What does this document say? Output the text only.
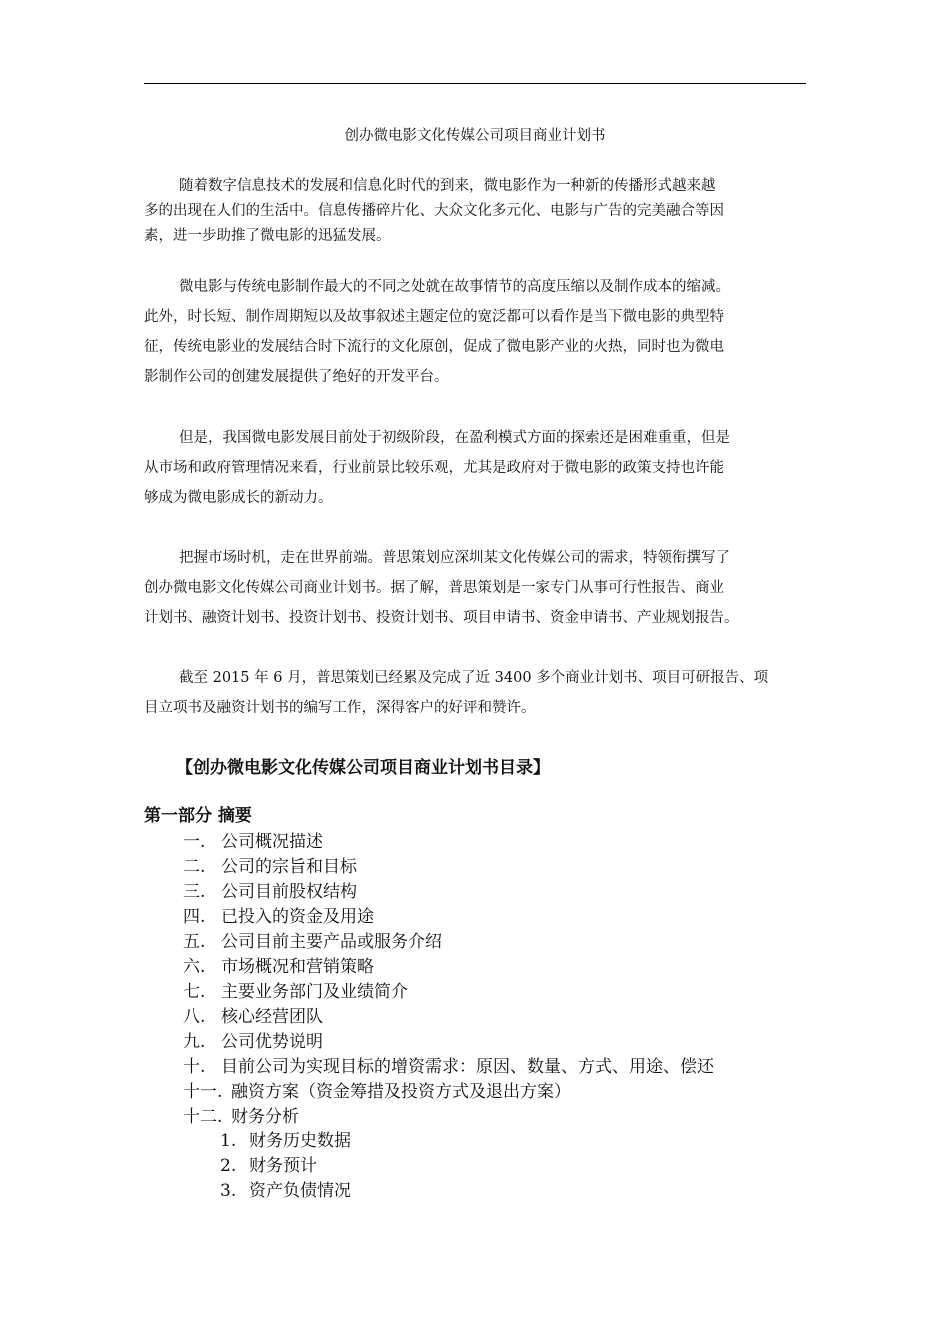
创办微电影文化传媒公司项目商业计划书
随着数字信息技术的发展和信息化时代的到来，微电影作为一种新的传播形式越来越
多的出现在人们的生活中。信息传播碎片化、大众文化多元化、电影与广告的完美融合等因
素，进一步助推了微电影的迅猛发展。
微电影与传统电影制作最大的不同之处就在故事情节的高度压缩以及制作成本的缩减。
此外，时长短、制作周期短以及故事叙述主题定位的宽泛都可以看作是当下微电影的典型特
征，传统电影业的发展结合时下流行的文化原创，促成了微电影产业的火热，同时也为微电
影制作公司的创建发展提供了绝好的开发平台。
但是，我国微电影发展目前处于初级阶段，在盈利模式方面的探索还是困难重重，但是
从市场和政府管理情况来看，行业前景比较乐观，尤其是政府对于微电影的政策支持也许能
够成为微电影成长的新动力。
把握市场时机，走在世界前端。普思策划应深圳某文化传媒公司的需求，特领衔撰写了
创办微电影文化传媒公司商业计划书。据了解，普思策划是一家专门从事可行性报告、商业
计划书、融资计划书、投资计划书、投资计划书、项目申请书、资金申请书、产业规划报告。
截至 2015 年 6 月，普思策划已经累及完成了近 3400 多个商业计划书、项目可研报告、项
目立项书及融资计划书的编写工作，深得客户的好评和赞许。
【创办微电影文化传媒公司项目商业计划书目录】
第一部分 摘要
一. 公司概况描述
二. 公司的宗旨和目标
三. 公司目前股权结构
四. 已投入的资金及用途
五. 公司目前主要产品或服务介绍
六. 市场概况和营销策略
七. 主要业务部门及业绩简介
八. 核心经营团队
九. 公司优势说明
十. 目前公司为实现目标的增资需求：原因、数量、方式、用途、偿还
十一. 融资方案（资金筹措及投资方式及退出方案）
十二. 财务分析
1. 财务历史数据
2. 财务预计
3. 资产负债情况
